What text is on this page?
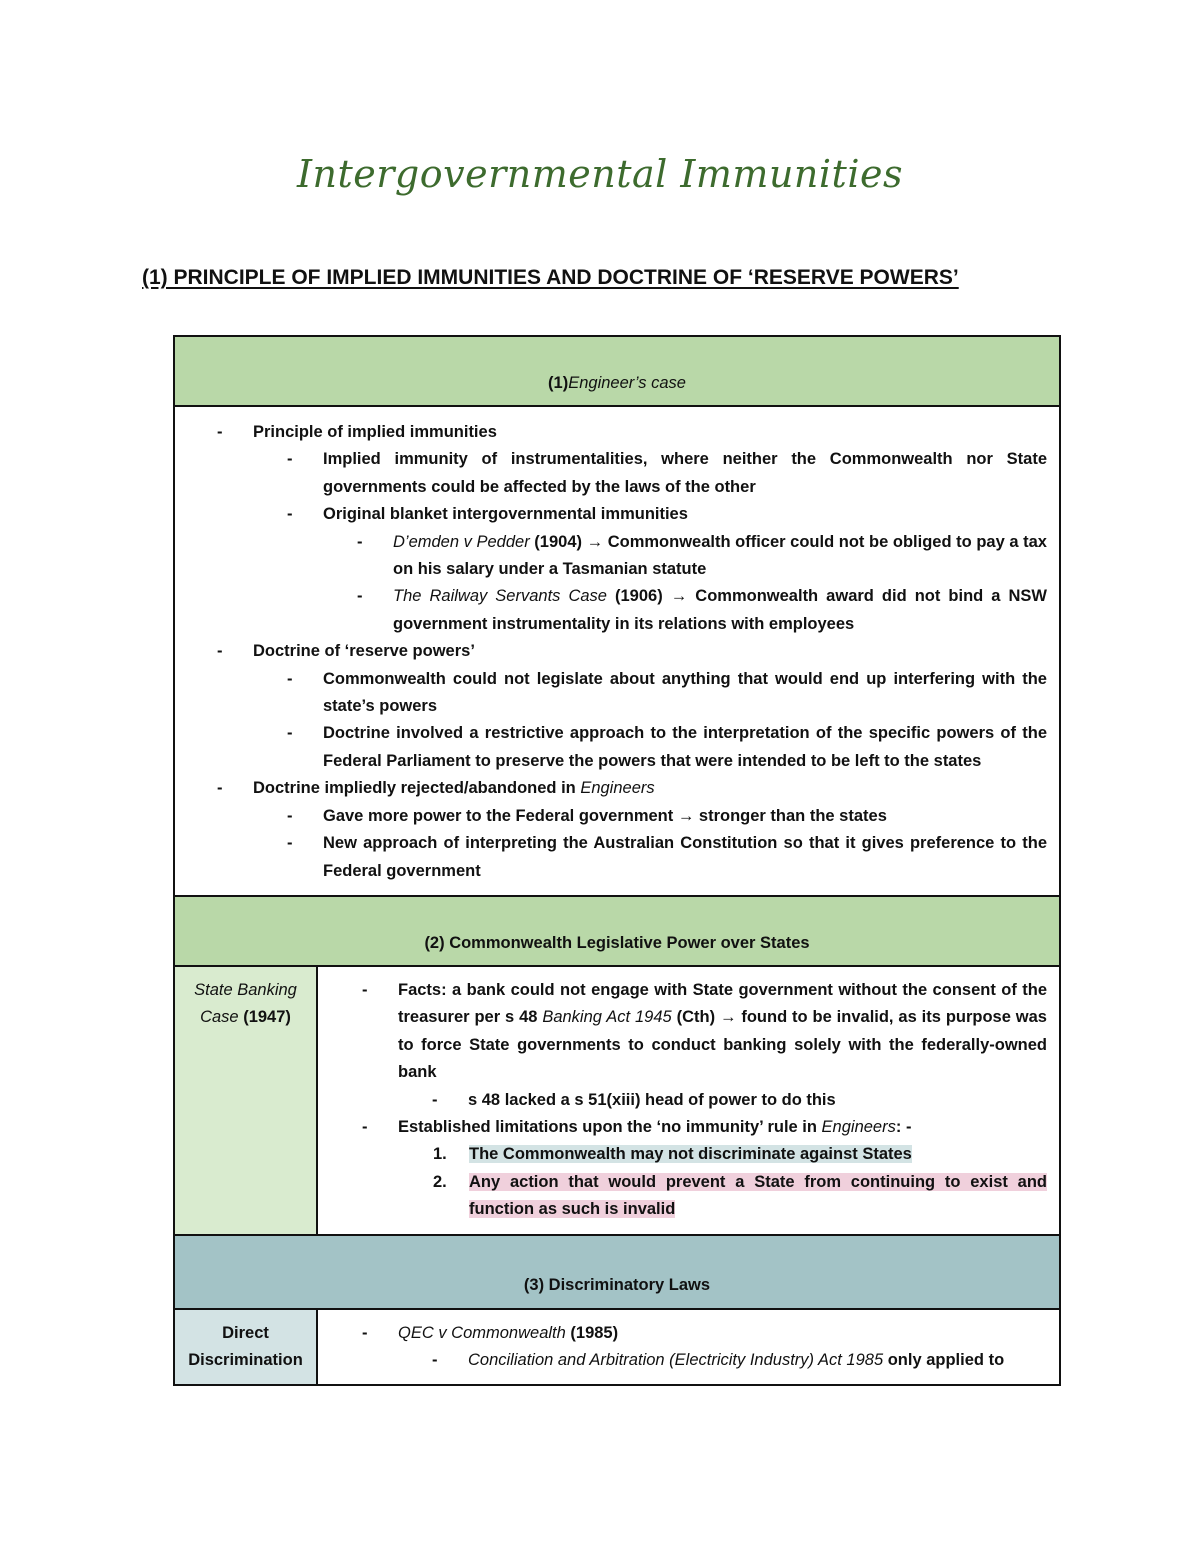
Intergovernmental Immunities
(1) PRINCIPLE OF IMPLIED IMMUNITIES AND DOCTRINE OF ‘RESERVE POWERS’
(1) Engineer’s case
-	Principle of implied immunities
-	Implied immunity of instrumentalities, where neither the Commonwealth nor State governments could be affected by the laws of the other
-	Original blanket intergovernmental immunities
-	D’emden v Pedder (1904) → Commonwealth officer could not be obliged to pay a tax on his salary under a Tasmanian statute
-	The Railway Servants Case (1906) → Commonwealth award did not bind a NSW government instrumentality in its relations with employees
-	Doctrine of ‘reserve powers’
-	Commonwealth could not legislate about anything that would end up interfering with the state’s powers
-	Doctrine involved a restrictive approach to the interpretation of the specific powers of the Federal Parliament to preserve the powers that were intended to be left to the states
-	Doctrine impliedly rejected/abandoned in Engineers
-	Gave more power to the Federal government → stronger than the states
-	New approach of interpreting the Australian Constitution so that it gives preference to the Federal government
(2) Commonwealth Legislative Power over States
State Banking Case (1947)
-	Facts: a bank could not engage with State government without the consent of the treasurer per s 48 Banking Act 1945 (Cth) → found to be invalid, as its purpose was to force State governments to conduct banking solely with the federally-owned bank
-	s 48 lacked a s 51(xiii) head of power to do this
-	Established limitations upon the ‘no immunity’ rule in Engineers: -
1.	The Commonwealth may not discriminate against States
2.	Any action that would prevent a State from continuing to exist and function as such is invalid
(3) Discriminatory Laws
Direct Discrimination
-	QEC v Commonwealth (1985)
-	Conciliation and Arbitration (Electricity Industry) Act 1985 only applied to
